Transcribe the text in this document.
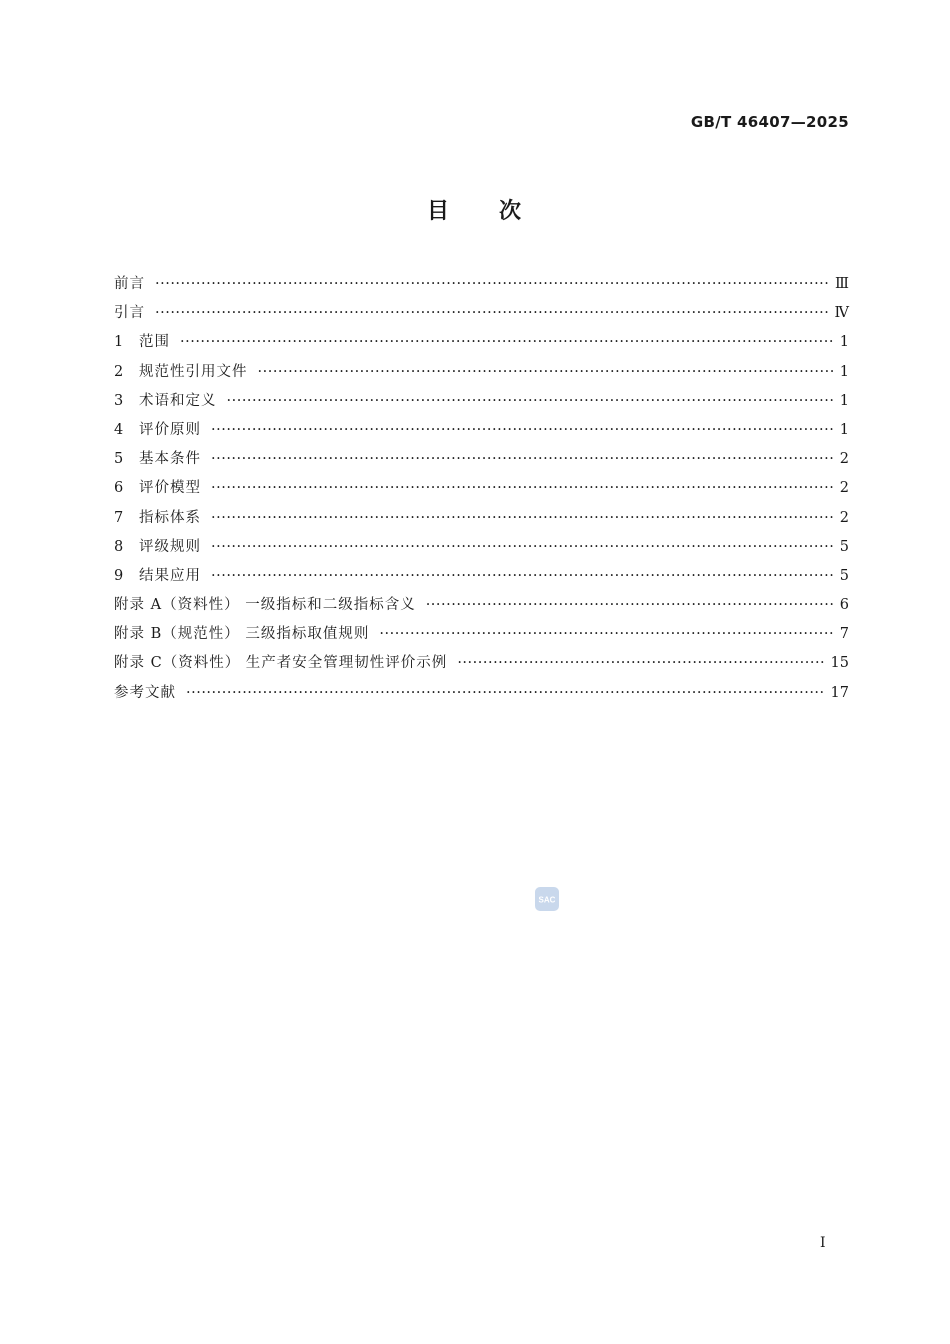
GB/T 46407—2025
目 次
前言 ·····	Ⅲ
引言 ·····	Ⅳ
1	范围 ·····	1
2	规范性引用文件 ·····	1
3	术语和定义 ·····	1
4	评价原则 ·····	1
5	基本条件 ·····	2
6	评价模型 ·····	2
7	指标体系 ·····	2
8	评级规则 ·····	5
9	结果应用 ·····	5
附录 A（资料性） 一级指标和二级指标含义 ·····	6
附录 B（规范性） 三级指标取值规则 ·····	7
附录 C（资料性） 生产者安全管理韧性评价示例 ·····	15
参考文献 ·····	17
SAC
I
